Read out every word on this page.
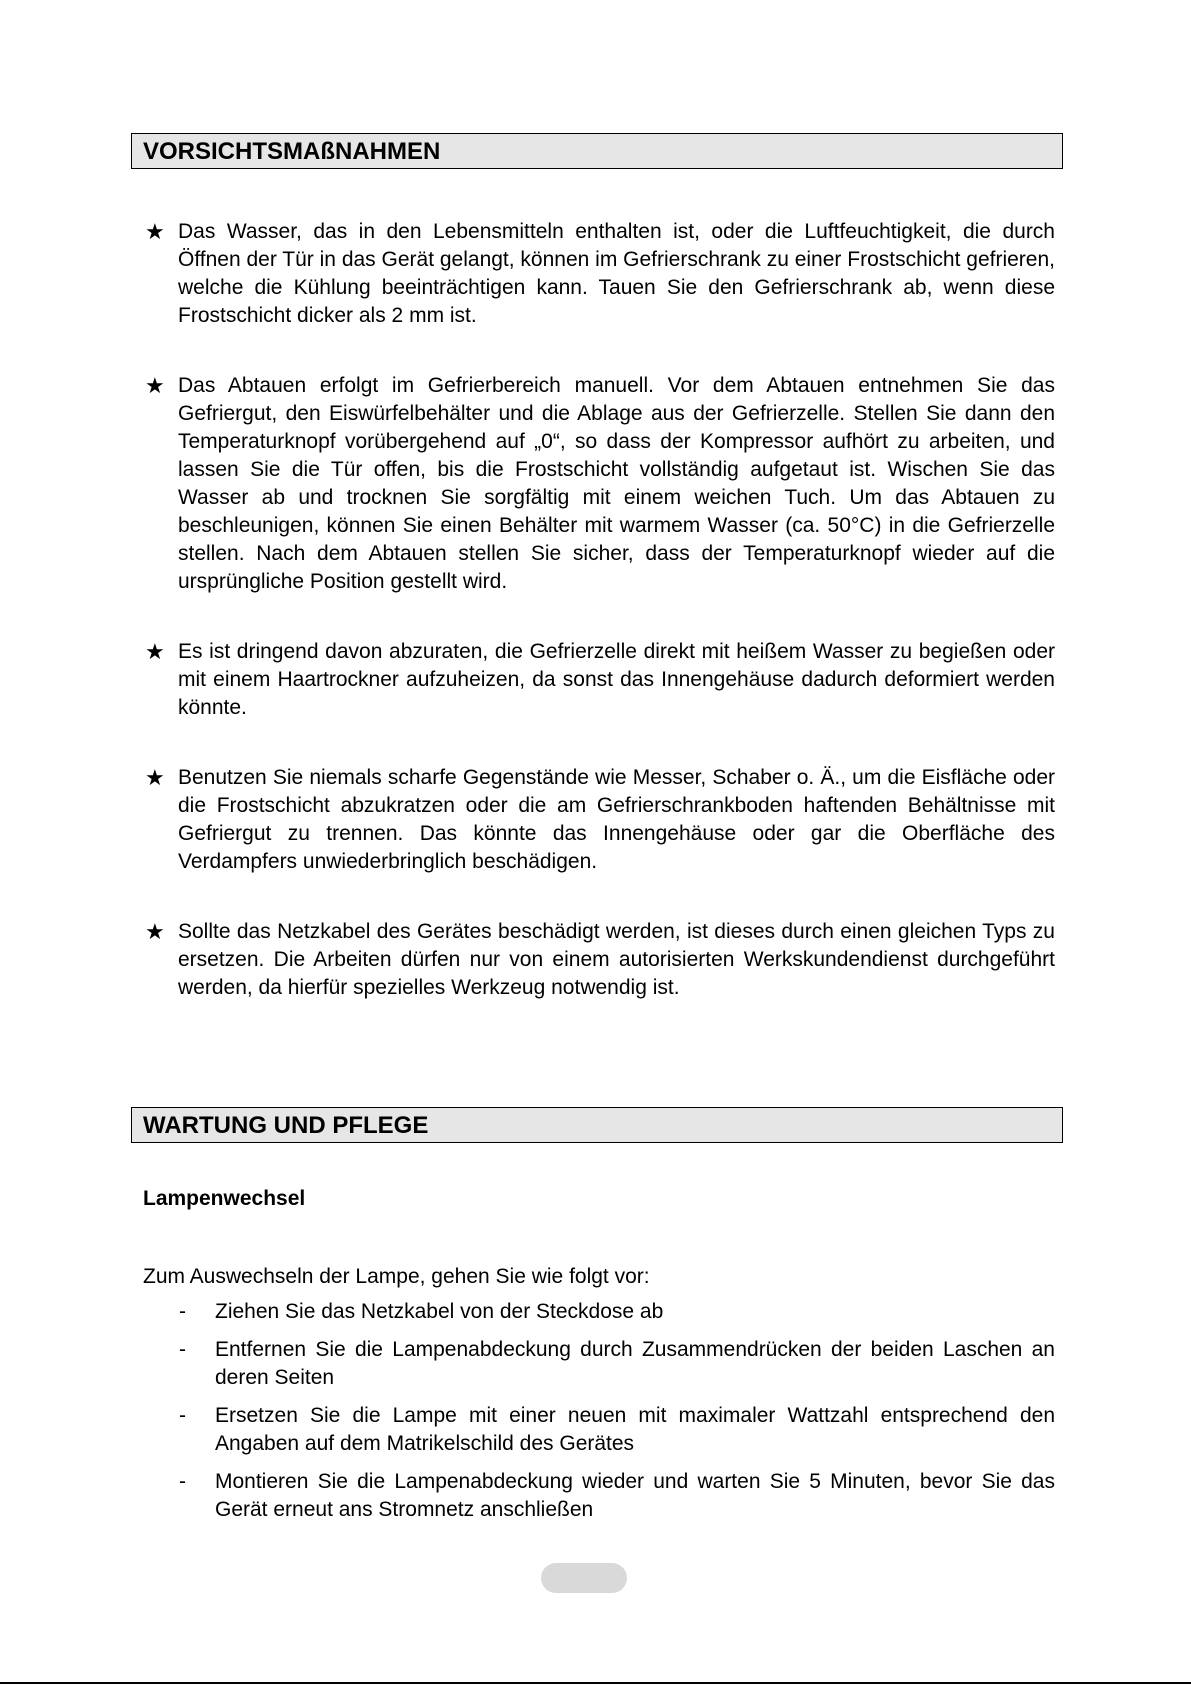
VORSICHTSMAßNAHMEN
★ Das Wasser, das in den Lebensmitteln enthalten ist, oder die Luftfeuchtigkeit, die durch Öffnen der Tür in das Gerät gelangt, können im Gefrierschrank zu einer Frostschicht gefrieren, welche die Kühlung beeinträchtigen kann. Tauen Sie den Gefrierschrank ab, wenn diese Frostschicht dicker als 2 mm ist.
★ Das Abtauen erfolgt im Gefrierbereich manuell. Vor dem Abtauen entnehmen Sie das Gefriergut, den Eiswürfelbehälter und die Ablage aus der Gefrierzelle. Stellen Sie dann den Temperaturknopf vorübergehend auf „0“, so dass der Kompressor aufhört zu arbeiten, und lassen Sie die Tür offen, bis die Frostschicht vollständig aufgetaut ist. Wischen Sie das Wasser ab und trocknen Sie sorgfältig mit einem weichen Tuch. Um das Abtauen zu beschleunigen, können Sie einen Behälter mit warmem Wasser (ca. 50°C) in die Gefrierzelle stellen. Nach dem Abtauen stellen Sie sicher, dass der Temperaturknopf wieder auf die ursprüngliche Position gestellt wird.
★ Es ist dringend davon abzuraten, die Gefrierzelle direkt mit heißem Wasser zu begießen oder mit einem Haartrockner aufzuheizen, da sonst das Innengehäuse dadurch deformiert werden könnte.
★ Benutzen Sie niemals scharfe Gegenstände wie Messer, Schaber o. Ä., um die Eisfläche oder die Frostschicht abzukratzen oder die am Gefrierschrankboden haftenden Behältnisse mit Gefriergut zu trennen. Das könnte das Innengehäuse oder gar die Oberfläche des Verdampfers unwiederbringlich beschädigen.
★ Sollte das Netzkabel des Gerätes beschädigt werden, ist dieses durch einen gleichen Typs zu ersetzen. Die Arbeiten dürfen nur von einem autorisierten Werkskundendienst durchgeführt werden, da hierfür spezielles Werkzeug notwendig ist.
WARTUNG UND PFLEGE
Lampenwechsel
Zum Auswechseln der Lampe, gehen Sie wie folgt vor:
- Ziehen Sie das Netzkabel von der Steckdose ab
- Entfernen Sie die Lampenabdeckung durch Zusammendrücken der beiden Laschen an deren Seiten
- Ersetzen Sie die Lampe mit einer neuen mit maximaler Wattzahl entsprechend den Angaben auf dem Matrikelschild des Gerätes
- Montieren Sie die Lampenabdeckung wieder und warten Sie 5 Minuten, bevor Sie das Gerät erneut ans Stromnetz anschließen
